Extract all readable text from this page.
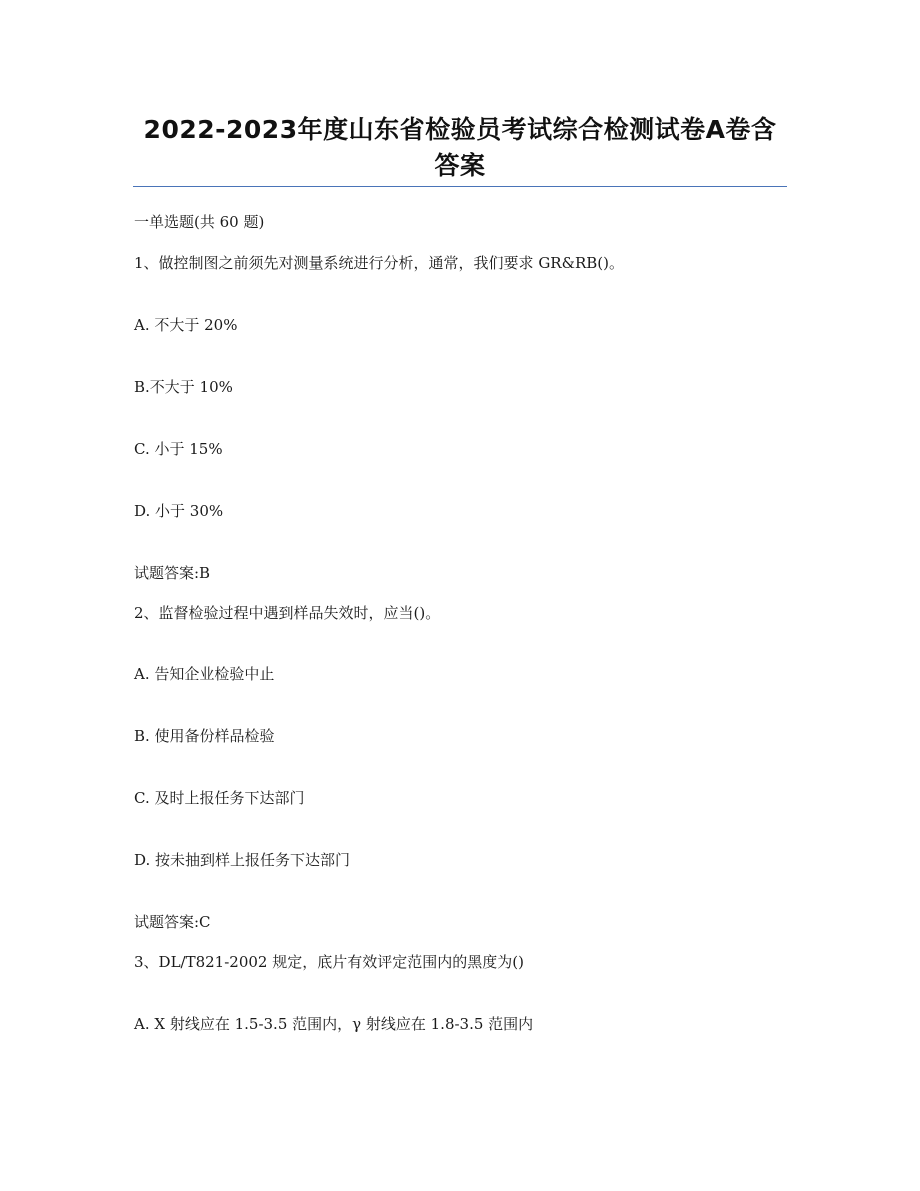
2022-2023年度山东省检验员考试综合检测试卷A卷含答案
一单选题(共 60 题)
1、做控制图之前须先对测量系统进行分析，通常，我们要求 GR&RB()。
A. 不大于 20%
B.不大于 10%
C. 小于 15%
D. 小于 30%
试题答案:B
2、监督检验过程中遇到样品失效时，应当()。
A. 告知企业检验中止
B. 使用备份样品检验
C. 及时上报任务下达部门
D. 按未抽到样上报任务下达部门
试题答案:C
3、DL/T821-2002 规定，底片有效评定范围内的黑度为()
A. X 射线应在 1.5-3.5 范围内，γ 射线应在 1.8-3.5 范围内
